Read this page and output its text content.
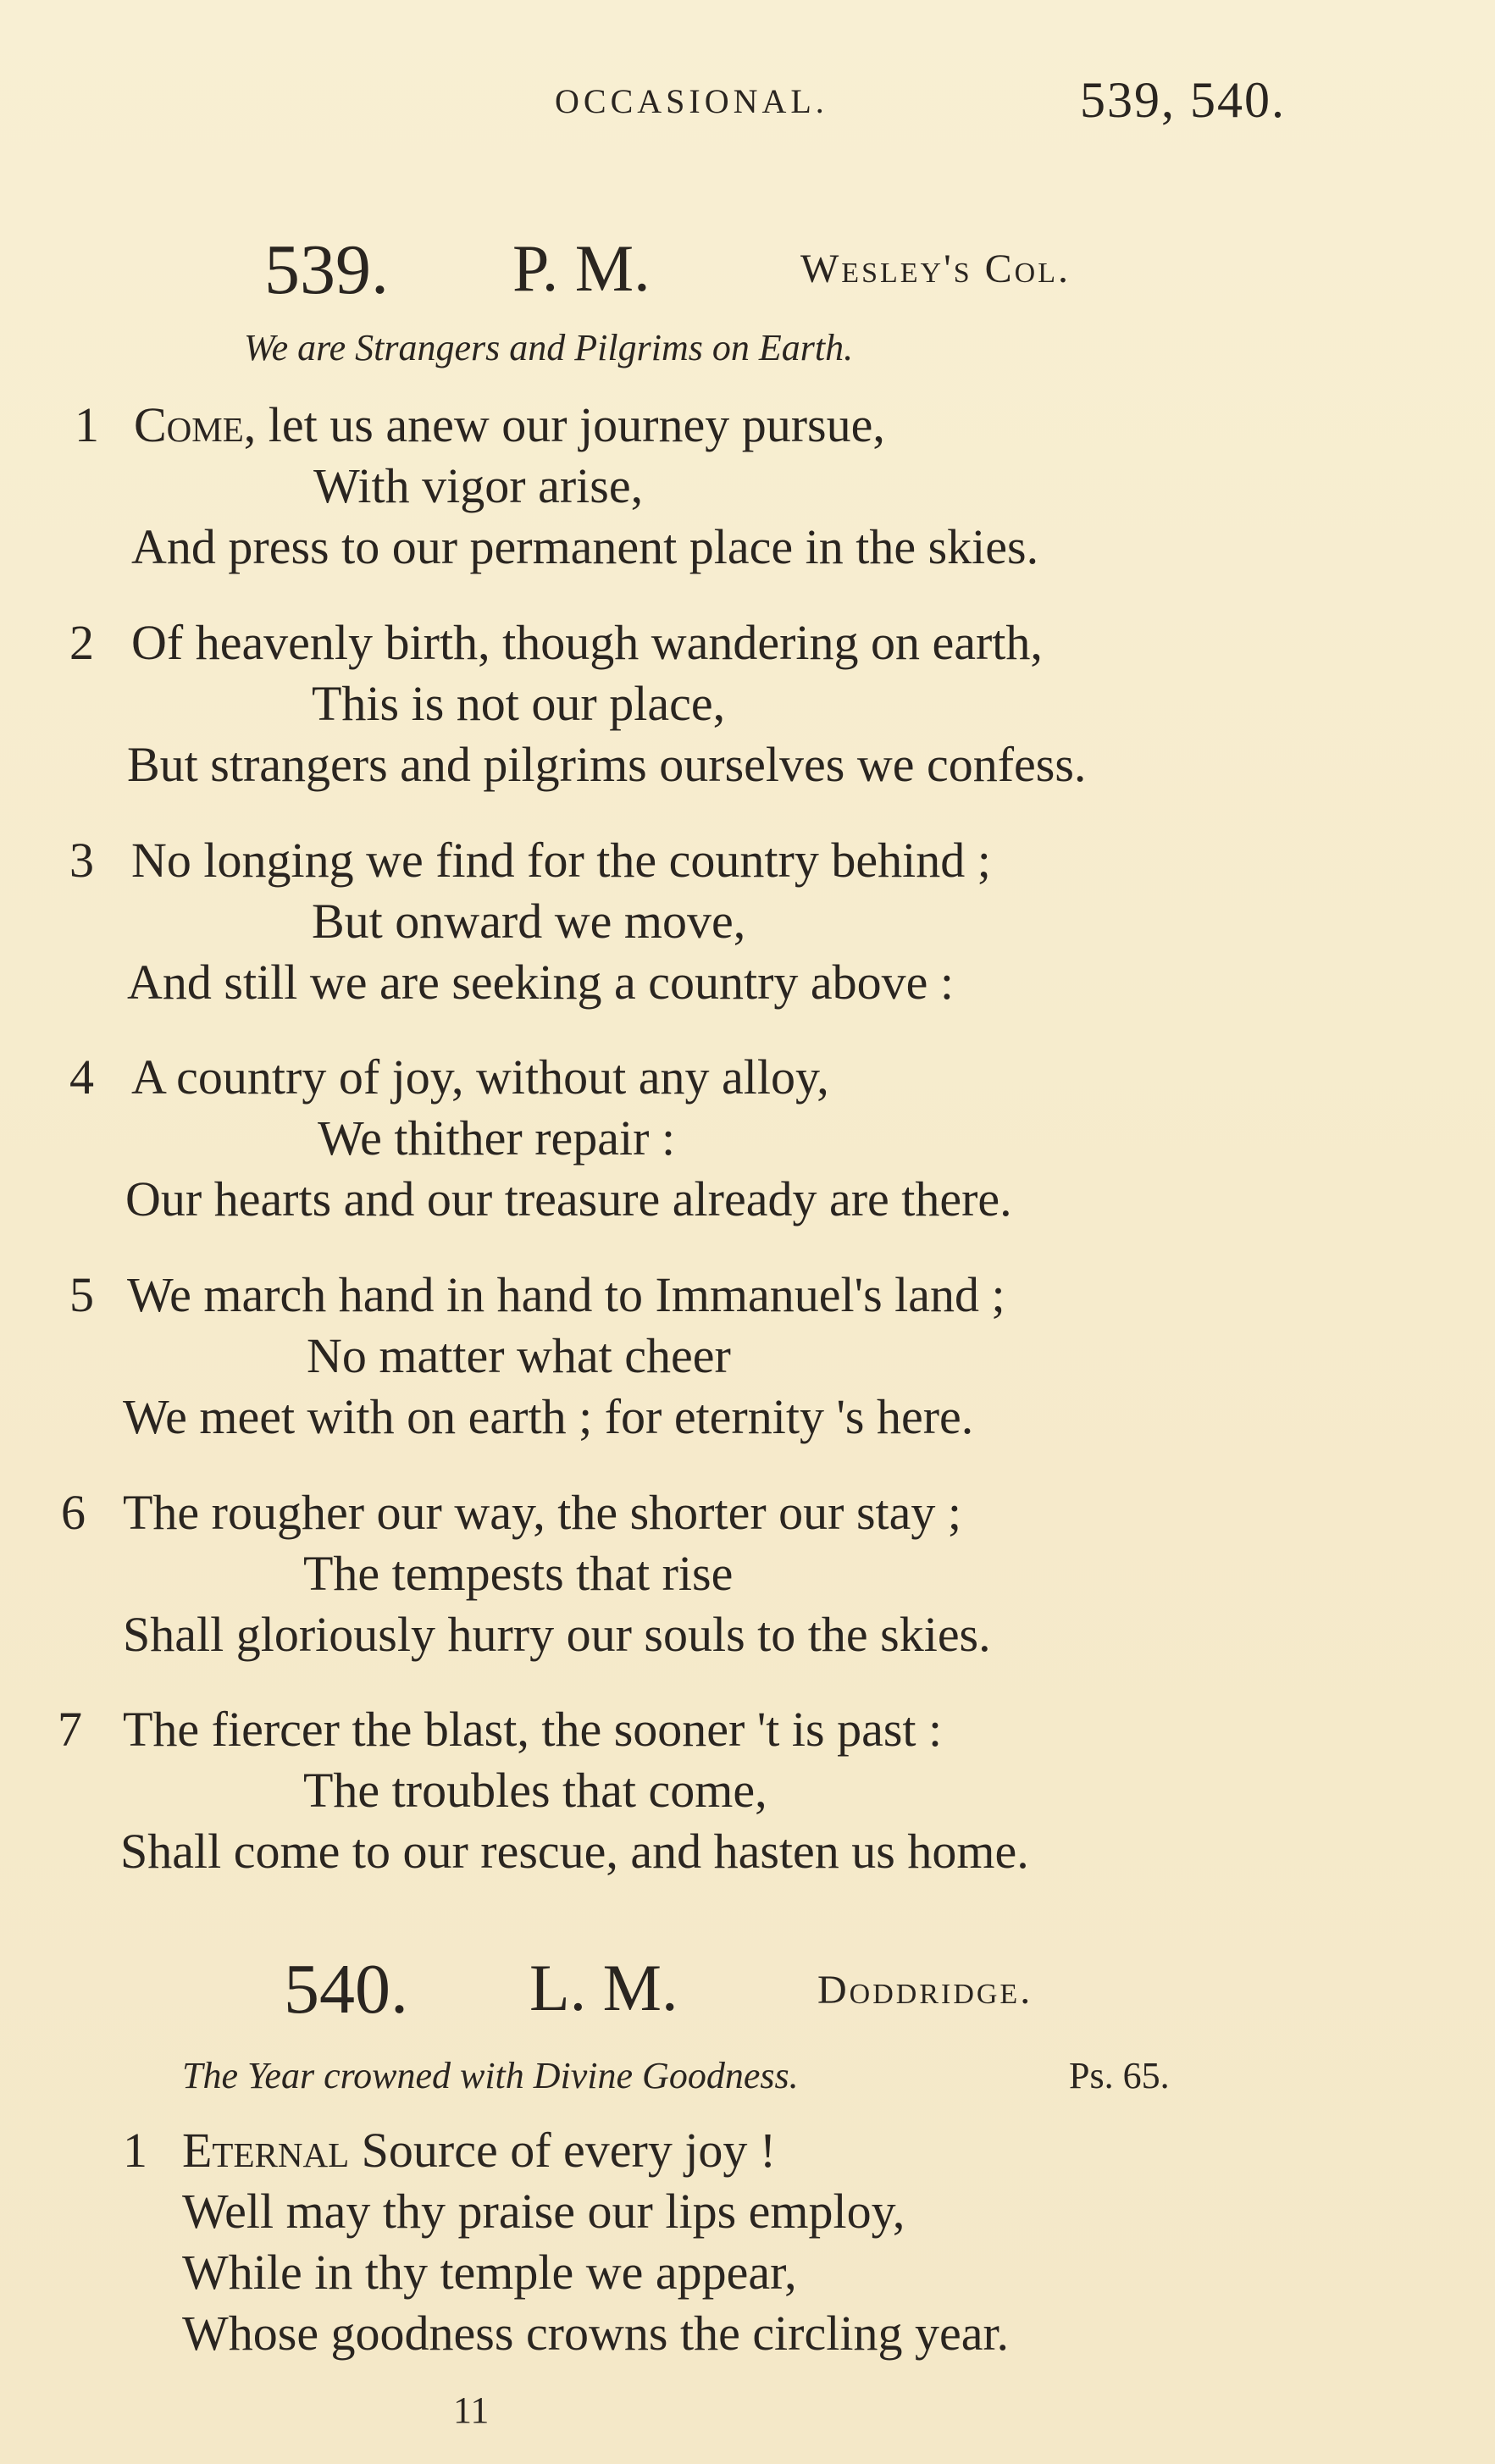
OCCASIONAL.	539, 540.
539. P. M.	Wesley's Col.
We are Strangers and Pilgrims on Earth.
1 Come, let us anew our journey pursue,
With vigor arise,
And press to our permanent place in the skies.
2 Of heavenly birth, though wandering on earth,
This is not our place,
But strangers and pilgrims ourselves we confess.
3 No longing we find for the country behind ;
But onward we move,
And still we are seeking a country above :
4 A country of joy, without any alloy,
We thither repair :
Our hearts and our treasure already are there.
5 We march hand in hand to Immanuel's land ;
No matter what cheer
We meet with on earth ; for eternity 's here.
6 The rougher our way, the shorter our stay ;
The tempests that rise
Shall gloriously hurry our souls to the skies.
7 The fiercer the blast, the sooner 't is past :
The troubles that come,
Shall come to our rescue, and hasten us home.
540. L. M.	Doddridge.
The Year crowned with Divine Goodness.	Ps. 65.
1 Eternal Source of every joy !
Well may thy praise our lips employ,
While in thy temple we appear,
Whose goodness crowns the circling year.
11
